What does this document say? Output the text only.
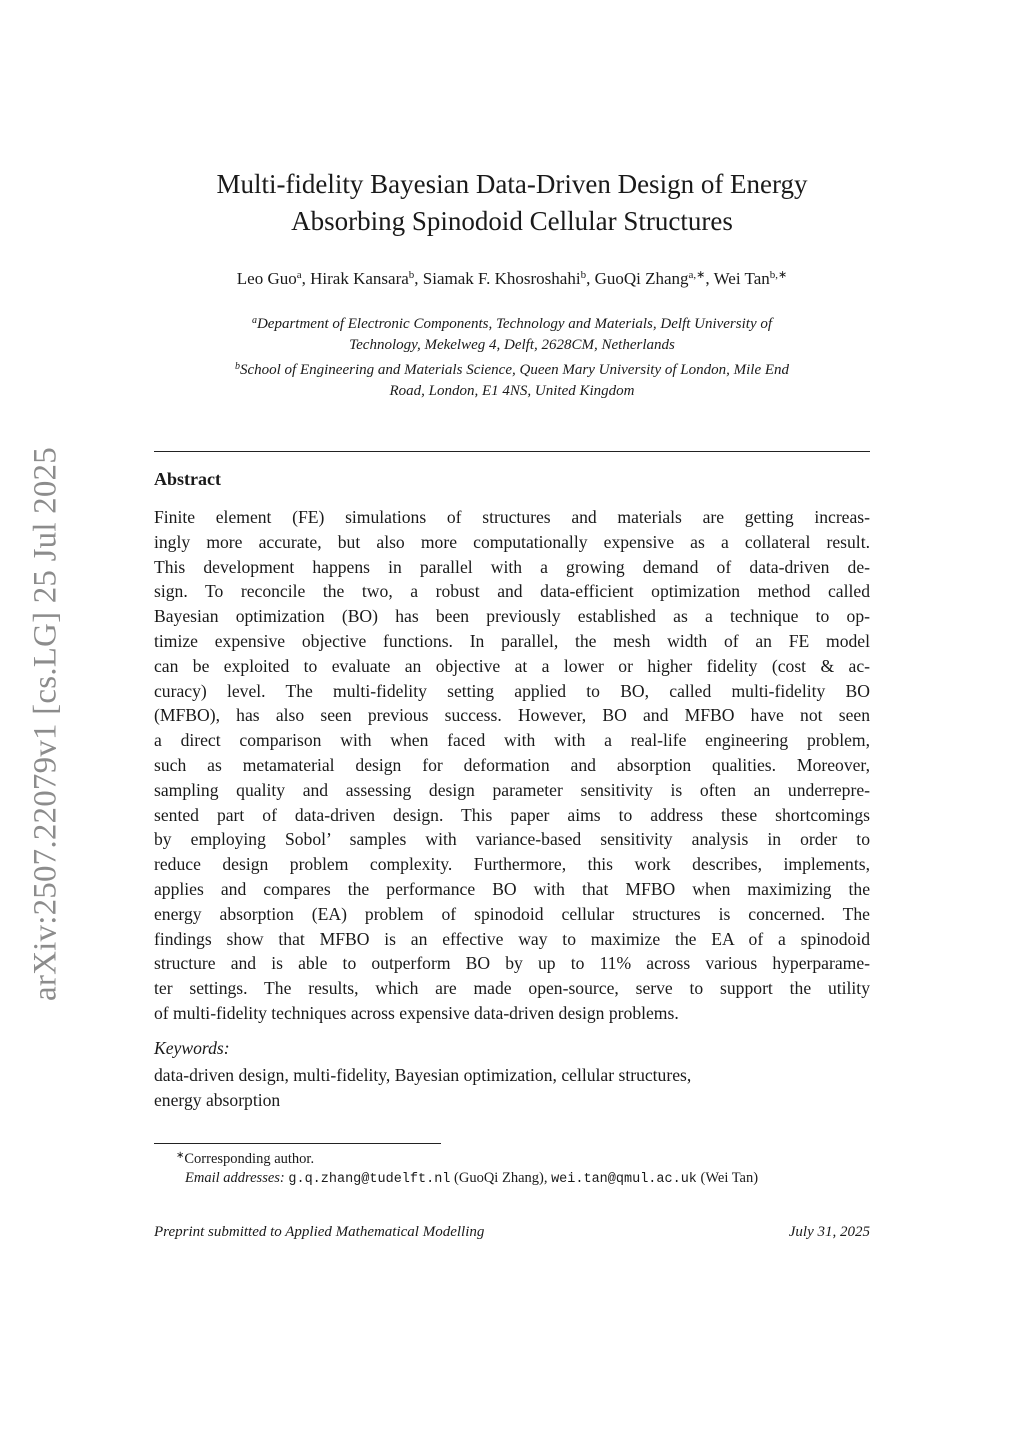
arXiv:2507.22079v1 [cs.LG] 25 Jul 2025
Multi-fidelity Bayesian Data-Driven Design of Energy
Absorbing Spinodoid Cellular Structures
Leo Guo$^a$, Hirak Kansara$^b$, Siamak F. Khosroshahi$^b$, GuoQi Zhang$^{a,∗}$, Wei Tan$^{b,∗}$
$^a$Department of Electronic Components, Technology and Materials, Delft University of
Technology, Mekelweg 4, Delft, 2628CM, Netherlands
$^b$School of Engineering and Materials Science, Queen Mary University of London, Mile End
Road, London, E1 4NS, United Kingdom
Abstract
Finite element (FE) simulations of structures and materials are getting increas-
ingly more accurate, but also more computationally expensive as a collateral result.
This development happens in parallel with a growing demand of data-driven de-
sign. To reconcile the two, a robust and data-efficient optimization method called
Bayesian optimization (BO) has been previously established as a technique to op-
timize expensive objective functions. In parallel, the mesh width of an FE model
can be exploited to evaluate an objective at a lower or higher fidelity (cost & ac-
curacy) level. The multi-fidelity setting applied to BO, called multi-fidelity BO
(MFBO), has also seen previous success. However, BO and MFBO have not seen
a direct comparison with when faced with with a real-life engineering problem,
such as metamaterial design for deformation and absorption qualities. Moreover,
sampling quality and assessing design parameter sensitivity is often an underrepre-
sented part of data-driven design. This paper aims to address these shortcomings
by employing Sobol’ samples with variance-based sensitivity analysis in order to
reduce design problem complexity. Furthermore, this work describes, implements,
applies and compares the performance BO with that MFBO when maximizing the
energy absorption (EA) problem of spinodoid cellular structures is concerned. The
findings show that MFBO is an effective way to maximize the EA of a spinodoid
structure and is able to outperform BO by up to 11% across various hyperparame-
ter settings. The results, which are made open-source, serve to support the utility
of multi-fidelity techniques across expensive data-driven design problems.
Keywords:
data-driven design, multi-fidelity, Bayesian optimization, cellular structures,
energy absorption
∗Corresponding author.
Email addresses: g.q.zhang@tudelft.nl (GuoQi Zhang), wei.tan@qmul.ac.uk (Wei Tan)
Preprint submitted to Applied Mathematical Modelling	July 31, 2025
